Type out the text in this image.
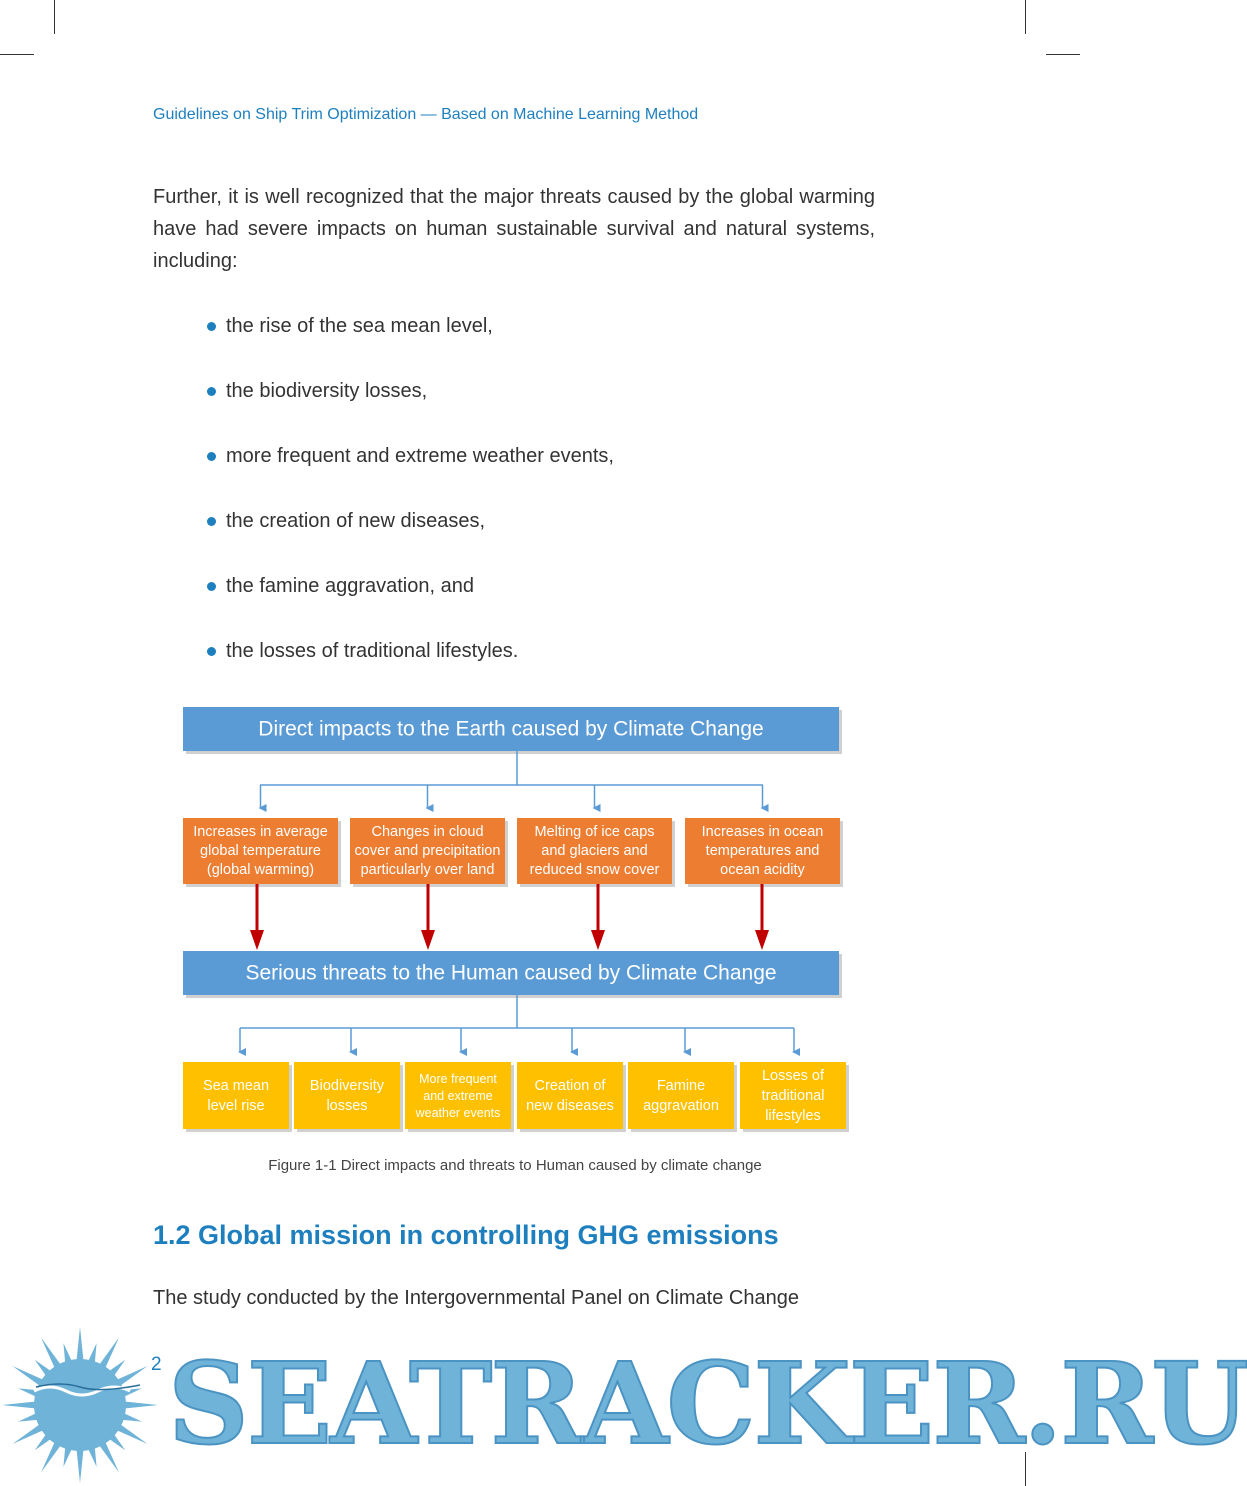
Guidelines on Ship Trim Optimization — Based on Machine Learning Method
Further, it is well recognized that the major threats caused by the global warming have had severe impacts on human sustainable survival and natural systems, including:
the rise of the sea mean level,
the biodiversity losses,
more frequent and extreme weather events,
the creation of new diseases,
the famine aggravation, and
the losses of traditional lifestyles.
Direct impacts to the Earth caused by Climate Change
Increases in average
global temperature
(global warming)
Changes in cloud
cover and precipitation
particularly over land
Melting of ice caps
and glaciers and
reduced snow cover
Increases in ocean
temperatures and
ocean acidity
Serious threats to the Human caused by Climate Change
Sea mean
level rise
Biodiversity
losses
More frequent
and extreme
weather events
Creation of
new diseases
Famine
aggravation
Losses of
traditional
lifestyles
Figure 1-1 Direct impacts and threats to Human caused by climate change
1.2 Global mission in controlling GHG emissions
The study conducted by the Intergovernmental Panel on Climate Change
2 SEATRACKER.RU
